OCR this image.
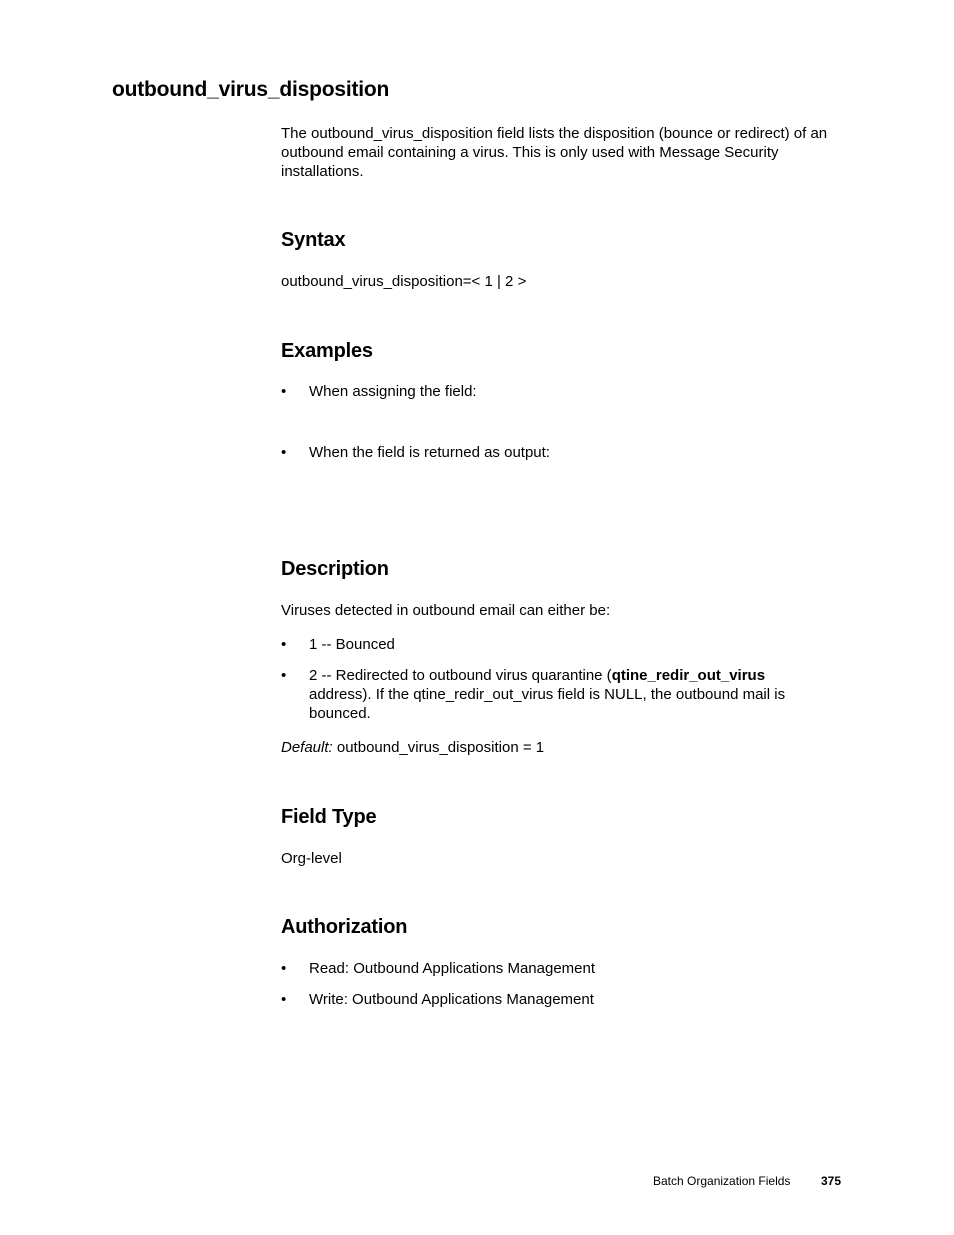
outbound_virus_disposition

The outbound_virus_disposition field lists the disposition (bounce or redirect) of an outbound email containing a virus. This is only used with Message Security installations.

Syntax

outbound_virus_disposition=< 1 | 2 >

Examples
• When assigning the field:
• When the field is returned as output:
Description

Viruses detected in outbound email can either be:

• 1 -- Bounced
• 2 -- Redirected to outbound virus quarantine (qtine_redir_out_virus address). If the qtine_redir_out_virus field is NULL, the outbound mail is bounced.

Default: outbound_virus_disposition = 1

Field Type

Org-level

Authorization
• Read: Outbound Applications Management
• Write: Outbound Applications Management
Batch Organization Fields	375
